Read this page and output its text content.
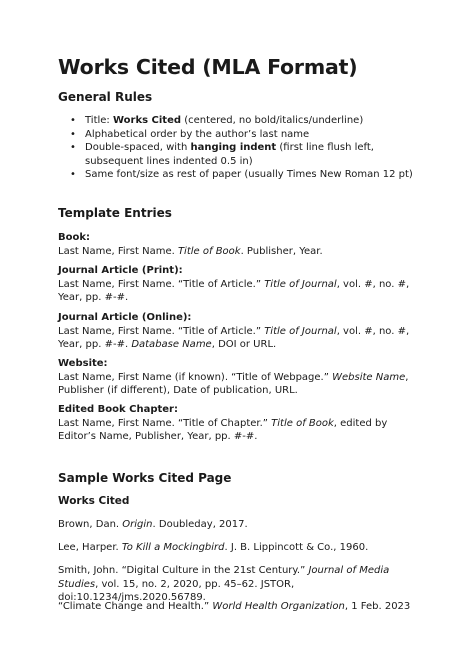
Works Cited (MLA Format)
General Rules
• Title: Works Cited (centered, no bold/italics/underline)
• Alphabetical order by the author’s last name
• Double-spaced, with hanging indent (first line flush left, subsequent lines indented 0.5 in)
• Same font/size as rest of paper (usually Times New Roman 12 pt)
Template Entries
Book:
Last Name, First Name. Title of Book. Publisher, Year.
Journal Article (Print):
Last Name, First Name. “Title of Article.” Title of Journal, vol. #, no. #, Year, pp. #-#.
Journal Article (Online):
Last Name, First Name. “Title of Article.” Title of Journal, vol. #, no. #, Year, pp. #-#. Database Name, DOI or URL.
Website:
Last Name, First Name (if known). “Title of Webpage.” Website Name, Publisher (if different), Date of publication, URL.
Edited Book Chapter:
Last Name, First Name. “Title of Chapter.” Title of Book, edited by Editor’s Name, Publisher, Year, pp. #-#.
Sample Works Cited Page
Works Cited
Brown, Dan. Origin. Doubleday, 2017.
Lee, Harper. To Kill a Mockingbird. J. B. Lippincott & Co., 1960.
Smith, John. “Digital Culture in the 21st Century.” Journal of Media Studies, vol. 15, no. 2, 2020, pp. 45–62. JSTOR, doi:10.1234/jms.2020.56789.
“Climate Change and Health.” World Health Organization, 1 Feb. 2023
